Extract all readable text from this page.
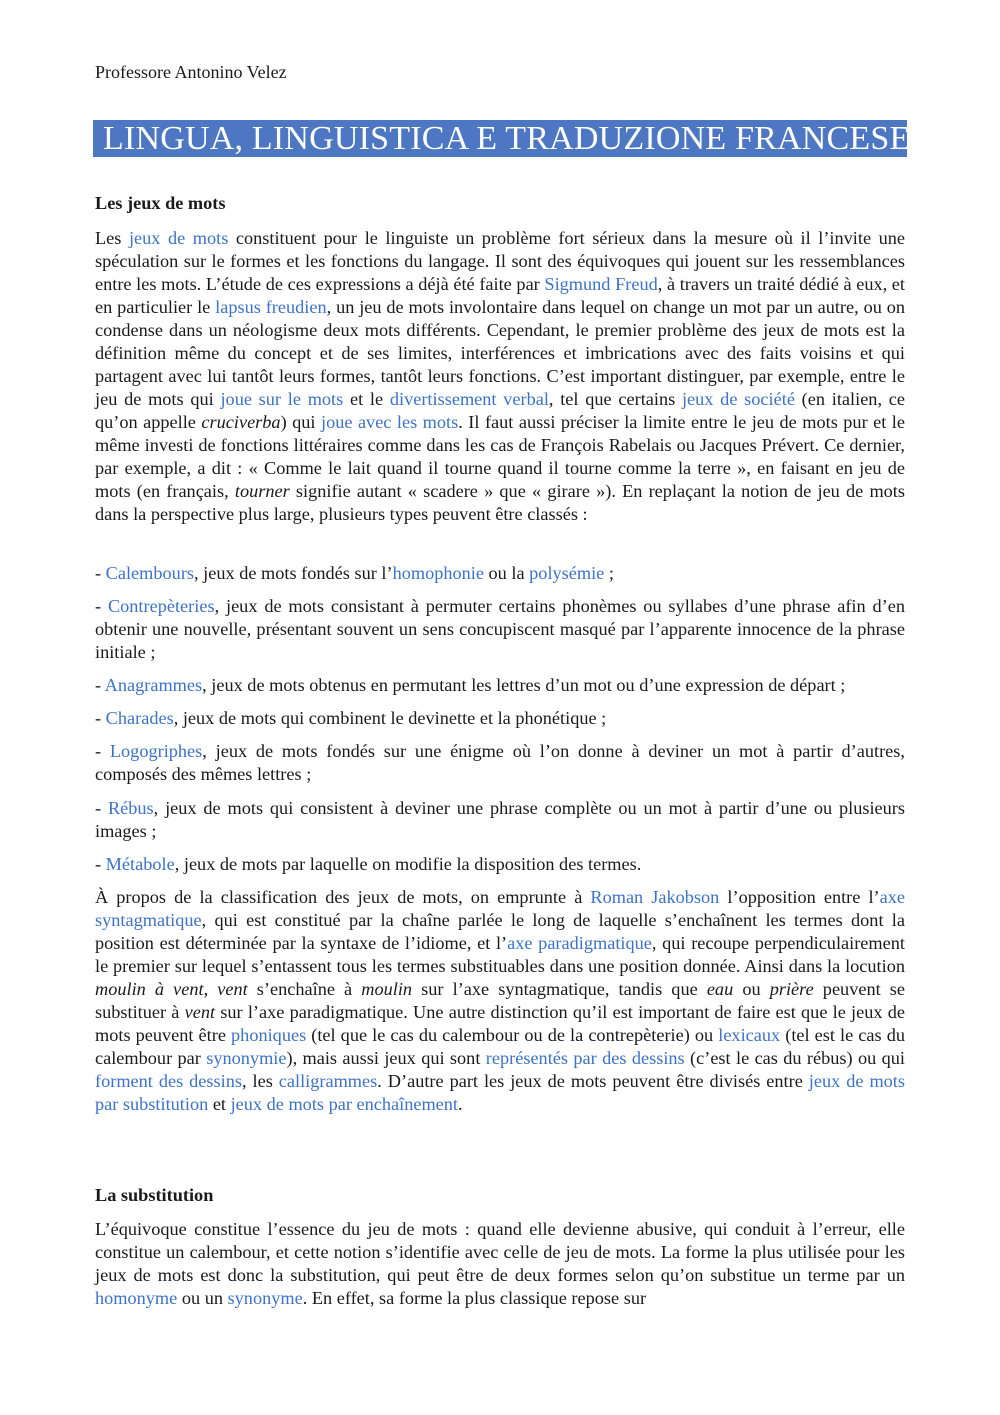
Professore Antonino Velez
LINGUA, LINGUISTICA E TRADUZIONE FRANCESE
Les jeux de mots

Les jeux de mots constituent pour le linguiste un problème fort sérieux dans la mesure où il l’invite une spéculation sur le formes et les fonctions du langage. Il sont des équivoques qui jouent sur les ressemblances entre les mots. L’étude de ces expressions a déjà été faite par Sigmund Freud, à travers un traité dédié à eux, et en particulier le lapsus freudien, un jeu de mots involontaire dans lequel on change un mot par un autre, ou on condense dans un néologisme deux mots différents. Cependant, le premier problème des jeux de mots est la définition même du concept et de ses limites, interférences et imbrications avec des faits voisins et qui partagent avec lui tantôt leurs formes, tantôt leurs fonctions. C’est important distinguer, par exemple, entre le jeu de mots qui joue sur le mots et le divertissement verbal, tel que certains jeux de société (en italien, ce qu’on appelle cruciverba) qui joue avec les mots. Il faut aussi préciser la limite entre le jeu de mots pur et le même investi de fonctions littéraires comme dans les cas de François Rabelais ou Jacques Prévert. Ce dernier, par exemple, a dit : « Comme le lait quand il tourne quand il tourne comme la terre », en faisant en jeu de mots (en français, tourner signifie autant « scadere » que « girare »). En replaçant la notion de jeu de mots dans la perspective plus large, plusieurs types peuvent être classés :

- Calembours, jeux de mots fondés sur l’homophonie ou la polysémie ;

- Contrepèteries, jeux de mots consistant à permuter certains phonèmes ou syllabes d’une phrase afin d’en obtenir une nouvelle, présentant souvent un sens concupiscent masqué par l’apparente innocence de la phrase initiale ;

- Anagrammes, jeux de mots obtenus en permutant les lettres d’un mot ou d’une expression de départ ;

- Charades, jeux de mots qui combinent le devinette et la phonétique ;

- Logogriphes, jeux de mots fondés sur une énigme où l’on donne à deviner un mot à partir d’autres, composés des mêmes lettres ;

- Rébus, jeux de mots qui consistent à deviner une phrase complète ou un mot à partir d’une ou plusieurs images ;

- Métabole, jeux de mots par laquelle on modifie la disposition des termes.

À propos de la classification des jeux de mots, on emprunte à Roman Jakobson l’opposition entre l’axe syntagmatique, qui est constitué par la chaîne parlée le long de laquelle s’enchaînent les termes dont la position est déterminée par la syntaxe de l’idiome, et l’axe paradigmatique, qui recoupe perpendiculairement le premier sur lequel s’entassent tous les termes substituables dans une position donnée. Ainsi dans la locution moulin à vent, vent s’enchaîne à moulin sur l’axe syntagmatique, tandis que eau ou prière peuvent se substituer à vent sur l’axe paradigmatique. Une autre distinction qu’il est important de faire est que le jeux de mots peuvent être phoniques (tel que le cas du calembour ou de la contrepèterie) ou lexicaux (tel est le cas du calembour par synonymie), mais aussi jeux qui sont représentés par des dessins (c’est le cas du rébus) ou qui forment des dessins, les calligrammes. D’autre part les jeux de mots peuvent être divisés entre jeux de mots par substitution et jeux de mots par enchaînement.

La substitution

L’équivoque constitue l’essence du jeu de mots : quand elle devienne abusive, qui conduit à l’erreur, elle constitue un calembour, et cette notion s’identifie avec celle de jeu de mots. La forme la plus utilisée pour les jeux de mots est donc la substitution, qui peut être de deux formes selon qu’on substitue un terme par un homonyme ou un synonyme. En effet, sa forme la plus classique repose sur
